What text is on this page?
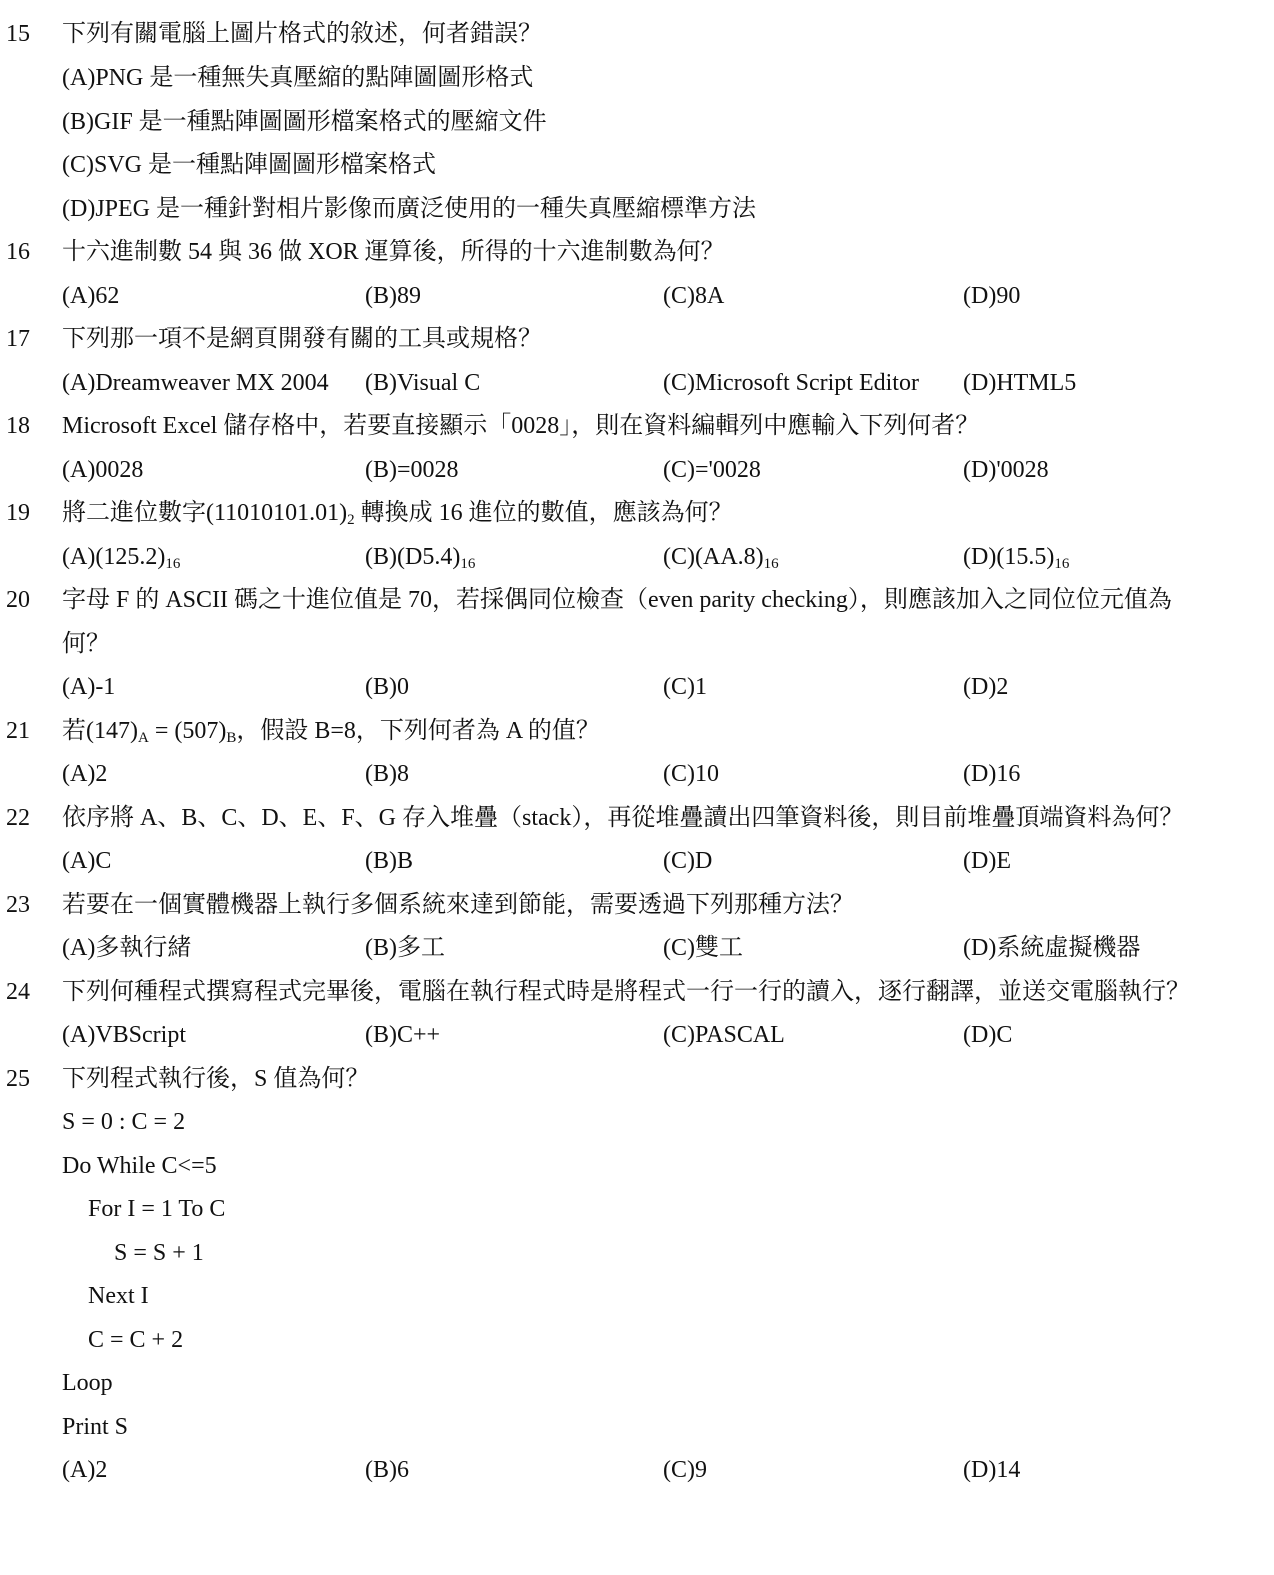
15 下列有關電腦上圖片格式的敘述，何者錯誤？
(A)PNG 是一種無失真壓縮的點陣圖圖形格式
(B)GIF 是一種點陣圖圖形檔案格式的壓縮文件
(C)SVG 是一種點陣圖圖形檔案格式
(D)JPEG 是一種針對相片影像而廣泛使用的一種失真壓縮標準方法
16 十六進制數 54 與 36 做 XOR 運算後，所得的十六進制數為何？
(A)62	(B)89	(C)8A	(D)90
17 下列那一項不是網頁開發有關的工具或規格？
(A)Dreamweaver MX 2004 (B)Visual C	(C)Microsoft Script Editor (D)HTML5
18 Microsoft Excel 儲存格中，若要直接顯示「0028」，則在資料編輯列中應輸入下列何者？
(A)0028	(B)=0028	(C)='0028	(D)'0028
19 將二進位數字$(11010101.01)_2$ 轉換成 16 進位的數值，應該為何？
$(A)(125.2)_{16}$	$(B)(D5.4)_{16}$	$(C)(AA.8)_{16}$	$(D)(15.5)_{16}$
20 字母 F 的 ASCII 碼之十進位值是 70，若採偶同位檢查（even parity checking），則應該加入之同位位元值為
何？
(A)-1	(B)0	(C)1	(D)2
21 若$(147)_A = (507)_B$，假設 B=8，下列何者為 A 的值？
(A)2	(B)8	(C)10	(D)16
22 依序將 A、B、C、D、E、F、G 存入堆疊（stack），再從堆疊讀出四筆資料後，則目前堆疊頂端資料為何？
(A)C	(B)B	(C)D	(D)E
23 若要在一個實體機器上執行多個系統來達到節能，需要透過下列那種方法？
(A)多執行緒	(B)多工	(C)雙工	(D)系統虛擬機器
24 下列何種程式撰寫程式完畢後，電腦在執行程式時是將程式一行一行的讀入，逐行翻譯，並送交電腦執行？
(A)VBScript	(B)C++	(C)PASCAL	(D)C
25 下列程式執行後，S 值為何？
S = 0 : C = 2
Do While C<=5
For I = 1 To C
S = S + 1
Next I
C = C + 2
Loop
Print S
(A)2	(B)6	(C)9	(D)14
